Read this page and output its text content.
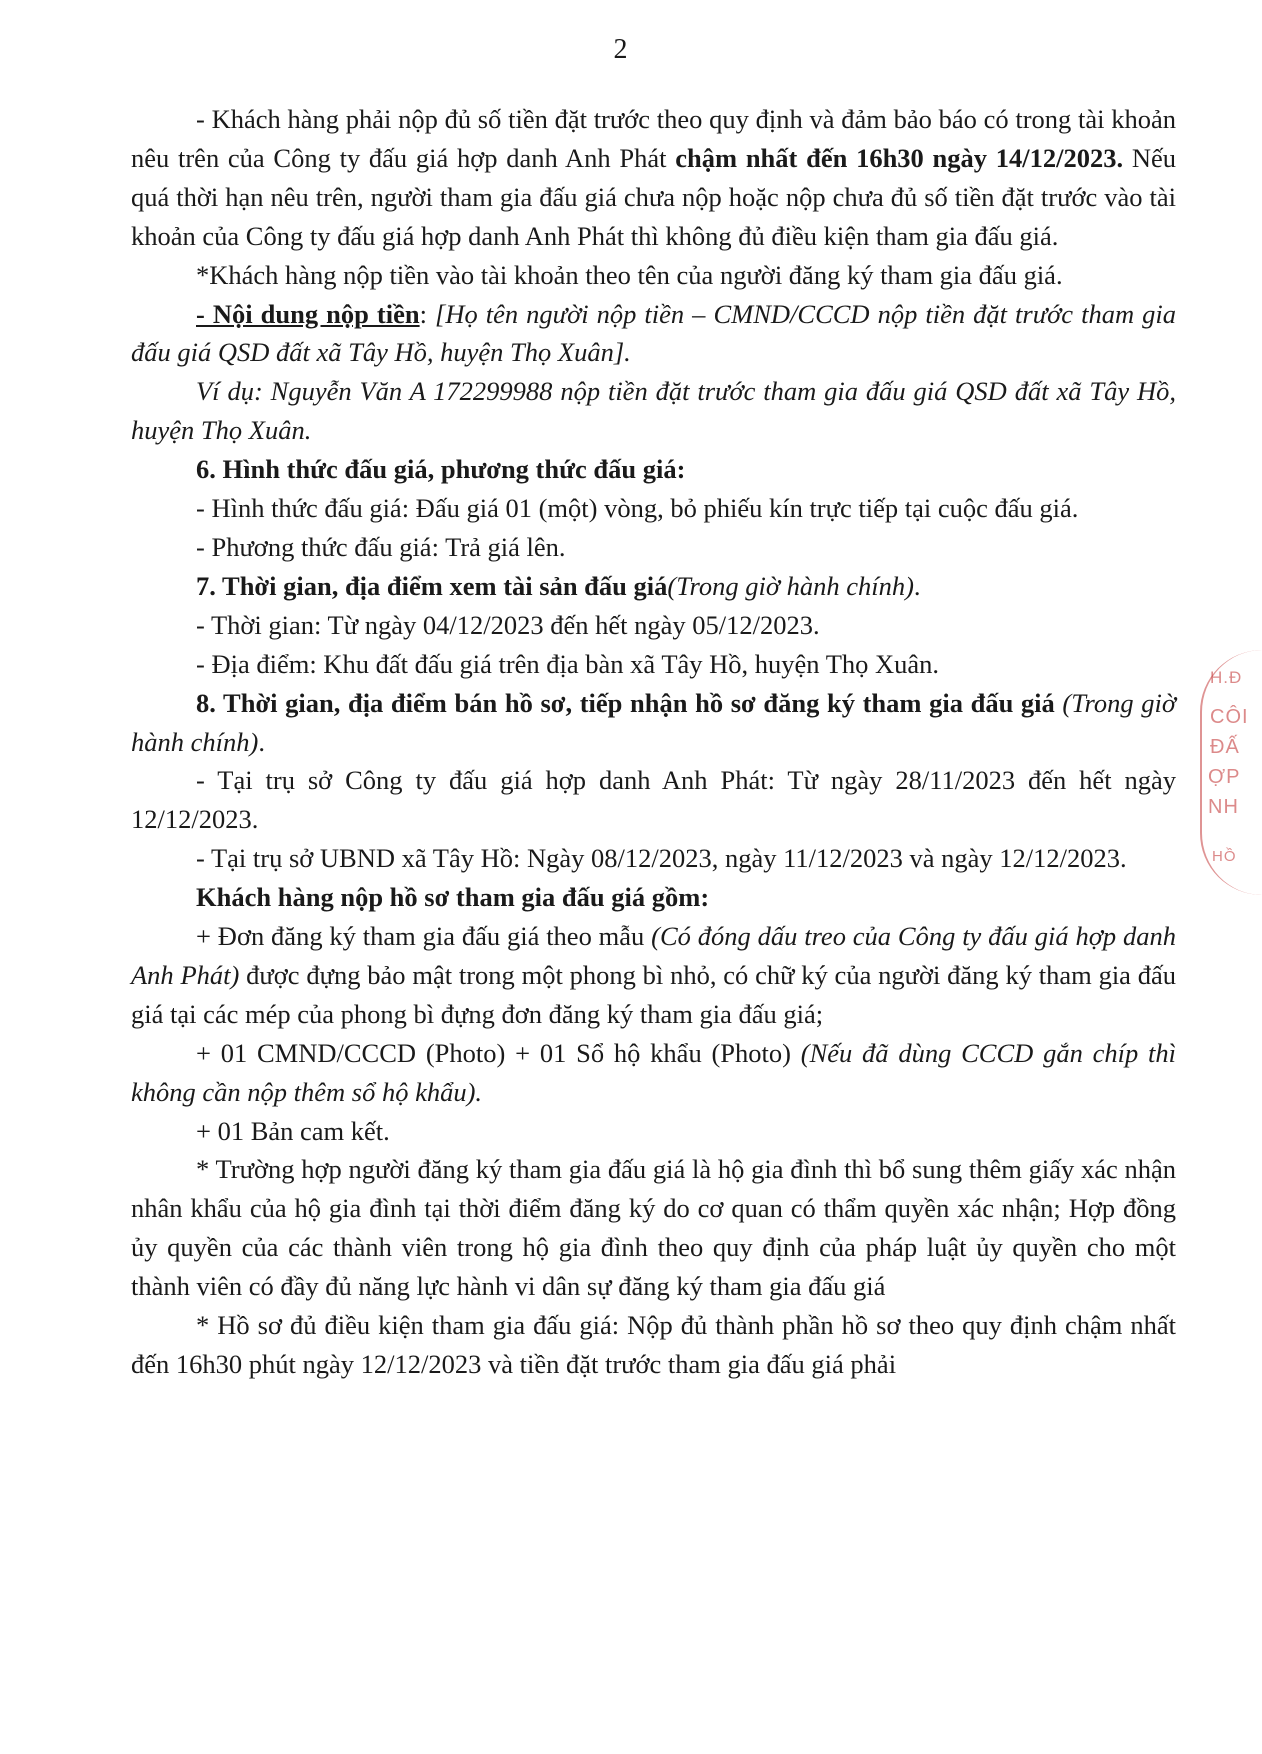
2

- Khách hàng phải nộp đủ số tiền đặt trước theo quy định và đảm bảo báo có trong tài khoản nêu trên của Công ty đấu giá hợp danh Anh Phát chậm nhất đến 16h30 ngày 14/12/2023. Nếu quá thời hạn nêu trên, người tham gia đấu giá chưa nộp hoặc nộp chưa đủ số tiền đặt trước vào tài khoản của Công ty đấu giá hợp danh Anh Phát thì không đủ điều kiện tham gia đấu giá.

*Khách hàng nộp tiền vào tài khoản theo tên của người đăng ký tham gia đấu giá.

- Nội dung nộp tiền: [Họ tên người nộp tiền – CMND/CCCD nộp tiền đặt trước tham gia đấu giá QSD đất xã Tây Hồ, huyện Thọ Xuân].

Ví dụ: Nguyễn Văn A 172299988 nộp tiền đặt trước tham gia đấu giá QSD đất xã Tây Hồ, huyện Thọ Xuân.

6. Hình thức đấu giá, phương thức đấu giá:

- Hình thức đấu giá: Đấu giá 01 (một) vòng, bỏ phiếu kín trực tiếp tại cuộc đấu giá.

- Phương thức đấu giá: Trả giá lên.

7. Thời gian, địa điểm xem tài sản đấu giá(Trong giờ hành chính).

- Thời gian: Từ ngày 04/12/2023 đến hết ngày 05/12/2023.

- Địa điểm: Khu đất đấu giá trên địa bàn xã Tây Hồ, huyện Thọ Xuân.

8. Thời gian, địa điểm bán hồ sơ, tiếp nhận hồ sơ đăng ký tham gia đấu giá (Trong giờ hành chính).

- Tại trụ sở Công ty đấu giá hợp danh Anh Phát: Từ ngày 28/11/2023 đến hết ngày 12/12/2023.

- Tại trụ sở UBND xã Tây Hồ: Ngày 08/12/2023, ngày 11/12/2023 và ngày 12/12/2023.

Khách hàng nộp hồ sơ tham gia đấu giá gồm:

+ Đơn đăng ký tham gia đấu giá theo mẫu (Có đóng dấu treo của Công ty đấu giá hợp danh Anh Phát) được đựng bảo mật trong một phong bì nhỏ, có chữ ký của người đăng ký tham gia đấu giá tại các mép của phong bì đựng đơn đăng ký tham gia đấu giá;

+ 01 CMND/CCCD (Photo) + 01 Sổ hộ khẩu (Photo) (Nếu đã dùng CCCD gắn chíp thì không cần nộp thêm sổ hộ khẩu).

+ 01 Bản cam kết.

* Trường hợp người đăng ký tham gia đấu giá là hộ gia đình thì bổ sung thêm giấy xác nhận nhân khẩu của hộ gia đình tại thời điểm đăng ký do cơ quan có thẩm quyền xác nhận; Hợp đồng ủy quyền của các thành viên trong hộ gia đình theo quy định của pháp luật ủy quyền cho một thành viên có đầy đủ năng lực hành vi dân sự đăng ký tham gia đấu giá

* Hồ sơ đủ điều kiện tham gia đấu giá: Nộp đủ thành phần hồ sơ theo quy định chậm nhất đến 16h30 phút ngày 12/12/2023 và tiền đặt trước tham gia đấu giá phải

H.Đ
CÔI
ĐẤ
ỢP
NH
HỒ
